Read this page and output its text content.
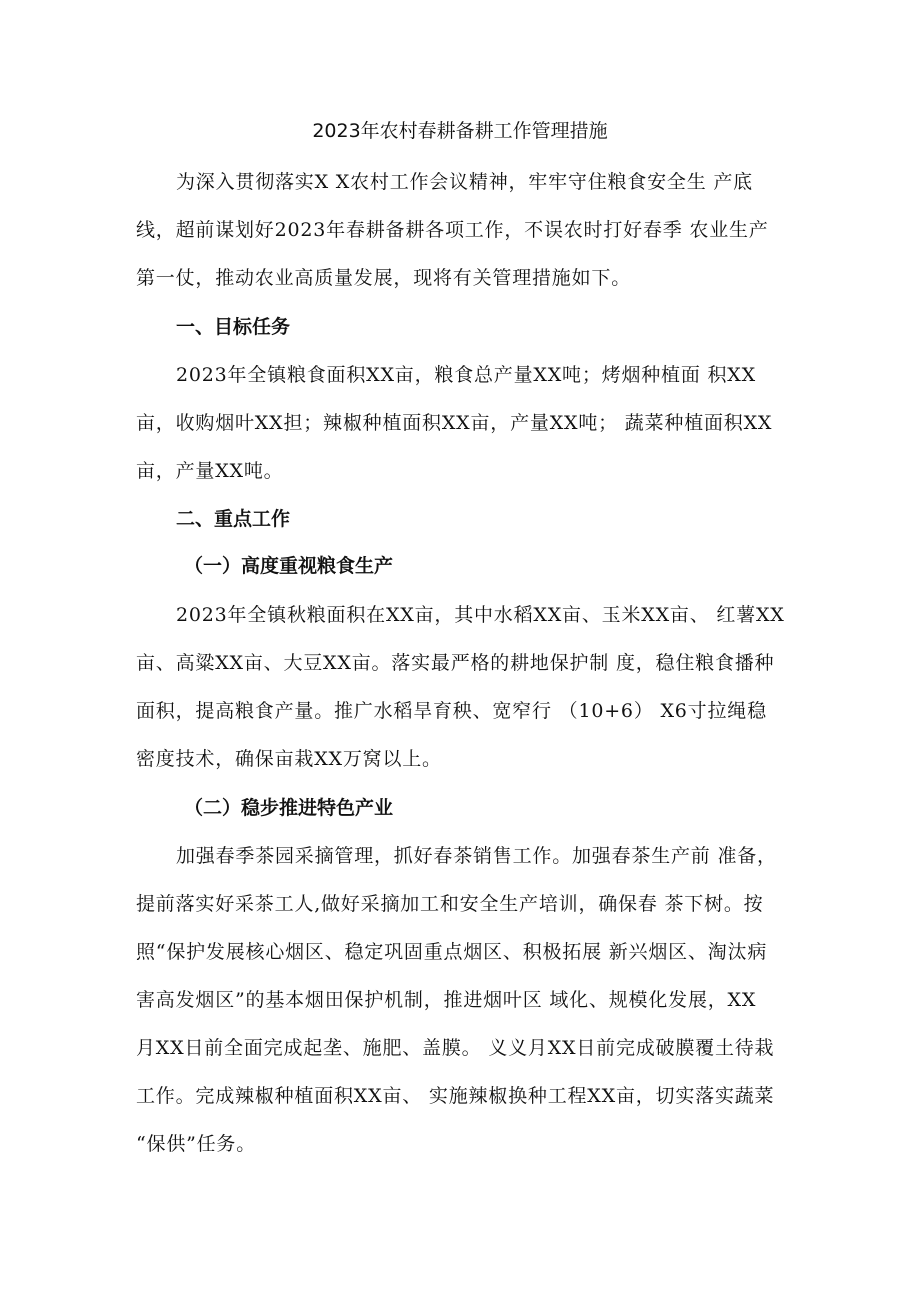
2023年农村春耕备耕工作管理措施
为深入贯彻落实X X农村工作会议精神，牢牢守住粮食安全生 产底
线，超前谋划好2023年春耕备耕各项工作，不误农时打好春季 农业生产
第一仗，推动农业高质量发展，现将有关管理措施如下。
一、目标任务
2023年全镇粮食面积XX亩，粮食总产量XX吨；烤烟种植面 积XX
亩，收购烟叶XX担；辣椒种植面积XX亩，产量XX吨； 蔬菜种植面积XX
亩，产量XX吨。
二、重点工作
（一）高度重视粮食生产
2023年全镇秋粮面积在XX亩，其中水稻XX亩、玉米XX亩、 红薯XX
亩、高粱XX亩、大豆XX亩。落实最严格的耕地保护制 度，稳住粮食播种
面积，提高粮食产量。推广水稻旱育秧、宽窄行 （10+6） X6寸拉绳稳
密度技术，确保亩栽XX万窝以上。
（二）稳步推进特色产业
加强春季茶园采摘管理，抓好春茶销售工作。加强春茶生产前 准备，
提前落实好采茶工人,做好采摘加工和安全生产培训，确保春 茶下树。按
照“保护发展核心烟区、稳定巩固重点烟区、积极拓展 新兴烟区、淘汰病
害高发烟区”的基本烟田保护机制，推进烟叶区 域化、规模化发展，XX
月XX日前全面完成起垄、施肥、盖膜。 义义月XX日前完成破膜覆土待栽
工作。完成辣椒种植面积XX亩、 实施辣椒换种工程XX亩，切实落实蔬菜
“保供”任务。
